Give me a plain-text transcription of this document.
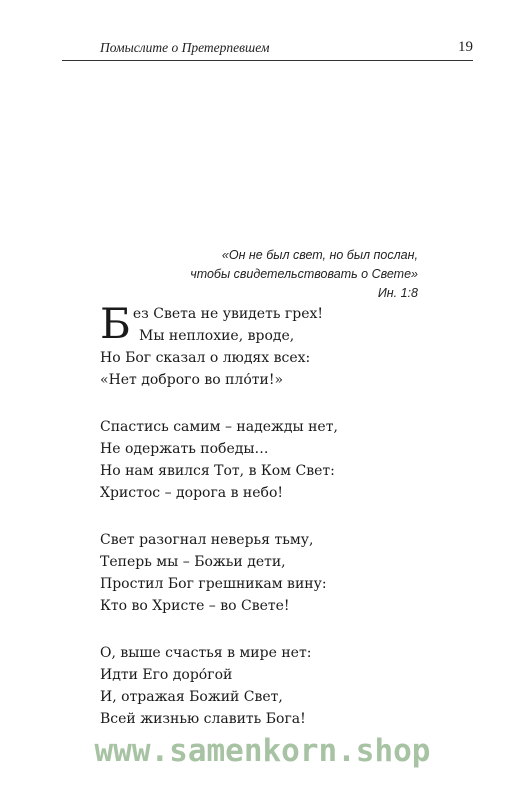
Помыслите о Претерпевшем	19
«Он не был свет, но был послан,
чтобы свидетельствовать о Свете»
Ин. 1:8
Б ез Света не увидеть грех!
Мы неплохие, вроде,
Но Бог сказал о людях всех:
«Нет доброго во пло́ти!»
Спастись самим – надежды нет,
Не одержать победы…
Но нам явился Тот, в Ком Свет:
Христос – дорога в небо!
Свет разогнал неверья тьму,
Теперь мы – Божьи дети,
Простил Бог грешникам вину:
Кто во Христе – во Свете!
О, выше счастья в мире нет:
Идти Его доро́гой
И, отражая Божий Свет,
Всей жизнью славить Бога!
www.samenkorn.shop
